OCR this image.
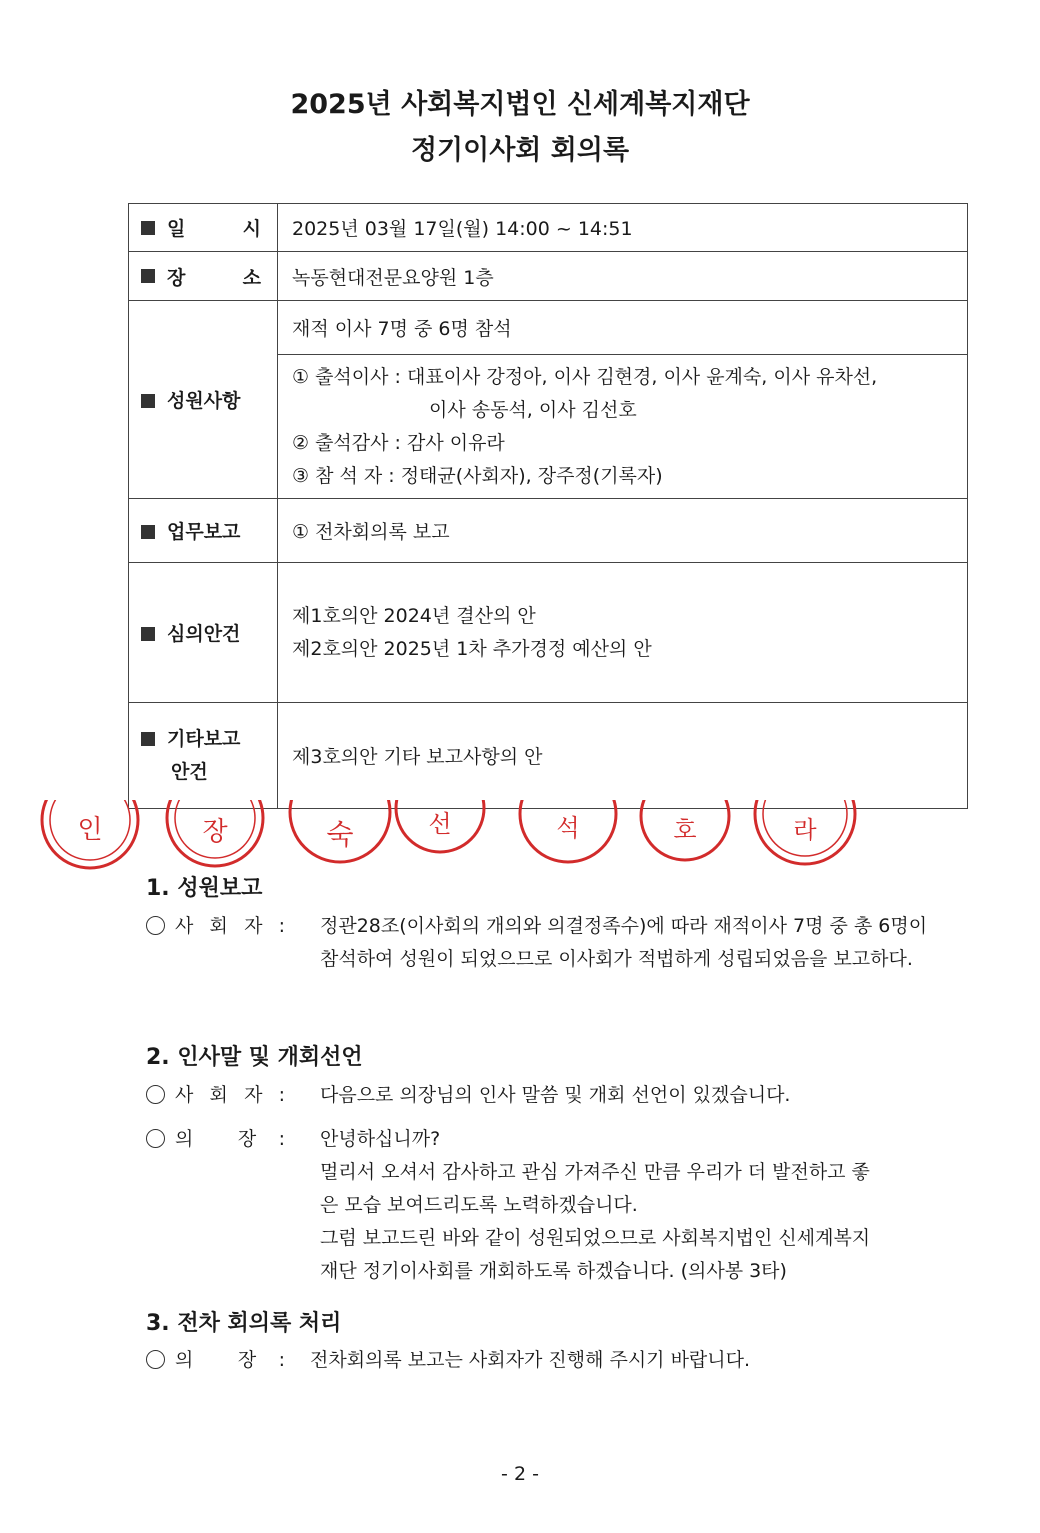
2025년 사회복지법인 신세계복지재단
정기이사회 회의록
일 시	2025년 03월 17일(월) 14:00 ~ 14:51

장 소	녹동현대전문요양원 1층
성원사항	재적 이사 7명 중 6명 참석

	① 출석이사 : 대표이사 강정아, 이사 김현경, 이사 윤계숙, 이사 유차선,
이사 송동석, 이사 김선호
② 출석감사 : 감사 이유라
③ 참 석 자 : 정태균(사회자), 장주정(기록자)

업무보고	① 전차회의록 보고
심의안건	제1호의안 2024년 결산의 안
제2호의안 2025년 1차 추가경정 예산의 안

기타보고
안건	제3호의안 기타 보고사항의 안
인	장	숙	선	석	호	라
1. 성원보고
사 회 자 : 정관28조(이사회의 개의와 의결정족수)에 따라 재적이사 7명 중 총 6명이
참석하여 성원이 되었으므로 이사회가 적법하게 성립되었음을 보고하다.
2. 인사말 및 개회선언
사 회 자 : 다음으로 의장님의 인사 말씀 및 개회 선언이 있겠습니다.
의 장 : 안녕하십니까?
멀리서 오셔서 감사하고 관심 가져주신 만큼 우리가 더 발전하고 좋
은 모습 보여드리도록 노력하겠습니다.
그럼 보고드린 바와 같이 성원되었으므로 사회복지법인 신세계복지
재단 정기이사회를 개회하도록 하겠습니다. (의사봉 3타)
3. 전차 회의록 처리
의 장 : 전차회의록 보고는 사회자가 진행해 주시기 바랍니다.
- 2 -
